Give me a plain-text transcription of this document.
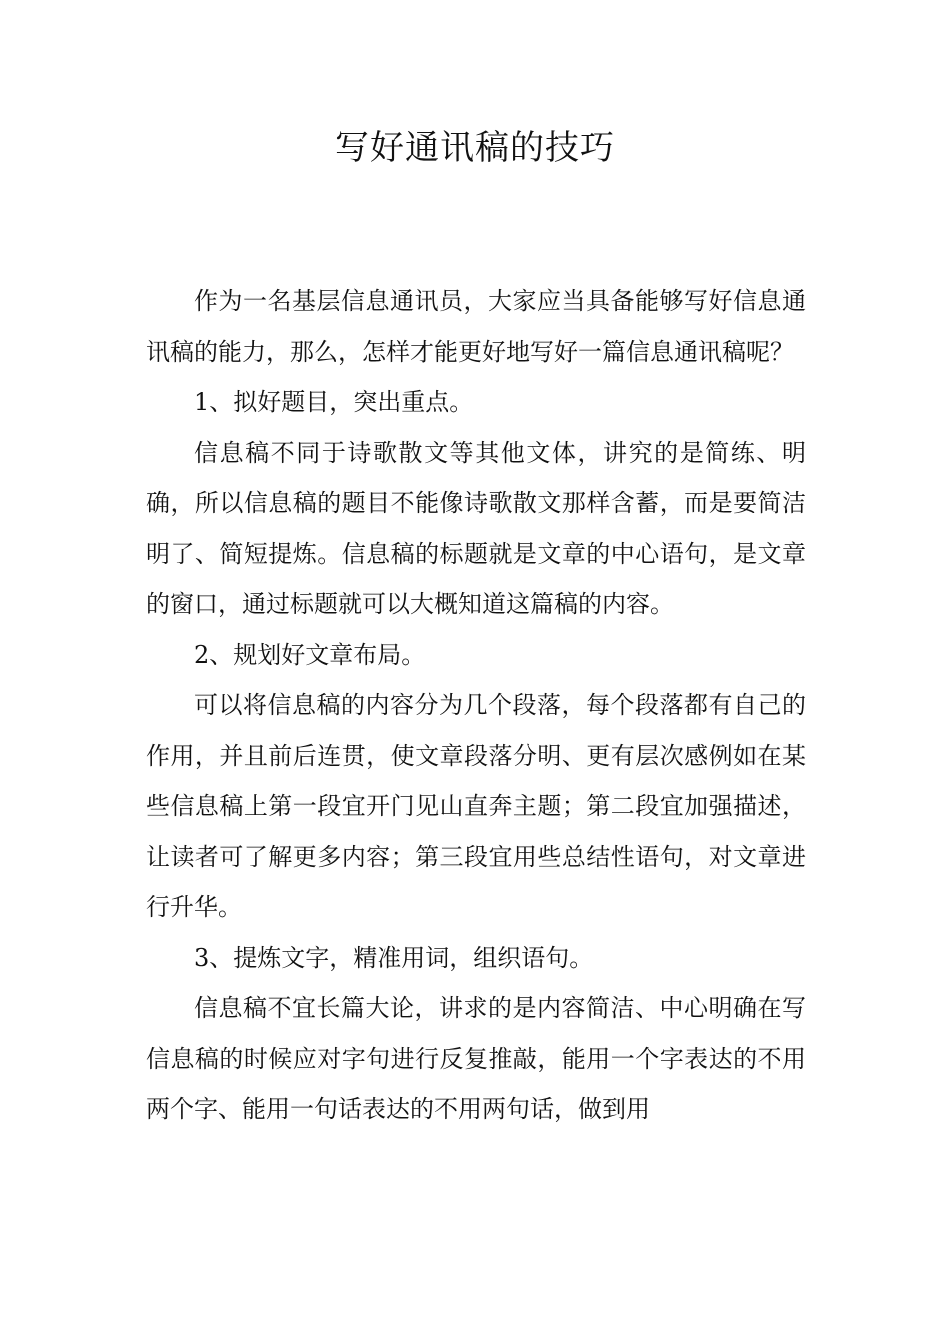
写好通讯稿的技巧

作为一名基层信息通讯员，大家应当具备能够写好信息通讯稿的能力，那么，怎样才能更好地写好一篇信息通讯稿呢？

1、拟好题目，突出重点。

信息稿不同于诗歌散文等其他文体，讲究的是简练、明确，所以信息稿的题目不能像诗歌散文那样含蓄，而是要简洁明了、简短提炼。信息稿的标题就是文章的中心语句，是文章的窗口，通过标题就可以大概知道这篇稿的内容。

2、规划好文章布局。

可以将信息稿的内容分为几个段落，每个段落都有自己的作用，并且前后连贯，使文章段落分明、更有层次感例如在某些信息稿上第一段宜开门见山直奔主题；第二段宜加强描述，让读者可了解更多内容；第三段宜用些总结性语句，对文章进行升华。

3、提炼文字，精准用词，组织语句。

信息稿不宜长篇大论，讲求的是内容简洁、中心明确在写信息稿的时候应对字句进行反复推敲，能用一个字表达的不用两个字、能用一句话表达的不用两句话，做到用
